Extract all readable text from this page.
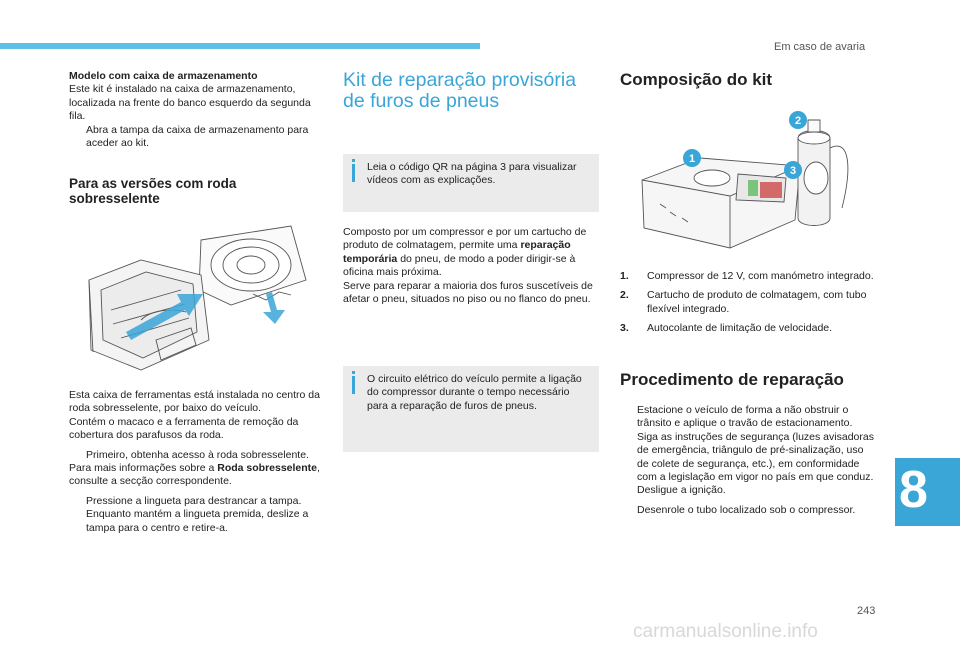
Em caso de avaria

Modelo com caixa de armazenamento

Este kit é instalado na caixa de armazenamento, localizada na frente do banco esquerdo da segunda fila.

Abra a tampa da caixa de armazenamento para aceder ao kit.
Para as versões com roda sobresselente

Esta caixa de ferramentas está instalada no centro da roda sobresselente, por baixo do veículo.

Contém o macaco e a ferramenta de remoção da cobertura dos parafusos da roda.

Primeiro, obtenha acesso à roda sobresselente.

Para mais informações sobre a Roda sobresselente, consulte a secção correspondente.

Pressione a lingueta para destrancar a tampa.
Enquanto mantém a lingueta premida, deslize a tampa para o centro e retire-a.
Kit de reparação provisória de furos de pneus
Leia o código QR na página 3 para visualizar vídeos com as explicações.

Composto por um compressor e por um cartucho de produto de colmatagem, permite uma reparação temporária do pneu, de modo a poder dirigir-se à oficina mais próxima.

Serve para reparar a maioria dos furos suscetíveis de afetar o pneu, situados no piso ou no flanco do pneu.

O circuito elétrico do veículo permite a ligação do compressor durante o tempo necessário para a reparação de furos de pneus.
Composição do kit
1
2
3
1.	Compressor de 12 V, com manómetro integrado.
2.	Cartucho de produto de colmatagem, com tubo flexível integrado.
3.	Autocolante de limitação de velocidade.
Procedimento de reparação
Estacione o veículo de forma a não obstruir o trânsito e aplique o travão de estacionamento.
Siga as instruções de segurança (luzes avisadoras de emergência, triângulo de pré-sinalização, uso de colete de segurança, etc.), em conformidade com a legislação em vigor no país em que conduz.
Desligue a ignição.
Desenrole o tubo localizado sob o compressor. 8
243
carmanualsonline.info
